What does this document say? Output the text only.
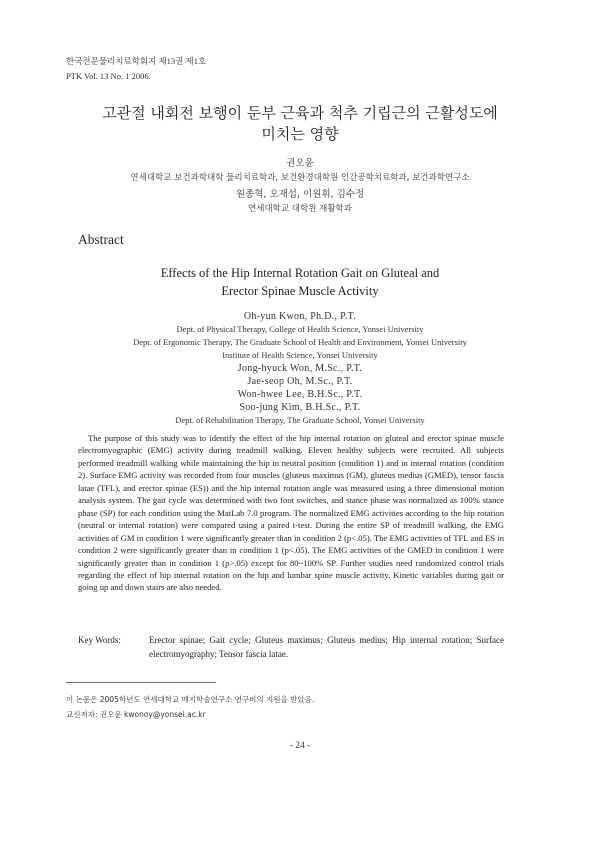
한국전문물리치료학회지 제13권 제1호
PTK Vol. 13 No. 1 2006.
고관절 내회전 보행이 둔부 근육과 척추 기립근의 근활성도에
미치는 영향
권오윤
연세대학교 보건과학대학 물리치료학과, 보건환경대학원 인간공학치료학과, 보건과학연구소
원종혁, 오재섭, 이원휘, 김수정
연세대학교 대학원 재활학과
Abstract
Effects of the Hip Internal Rotation Gait on Gluteal and
Erector Spinae Muscle Activity
Oh-yun Kwon, Ph.D., P.T.
Dept. of Physical Therapy, College of Health Science, Yonsei University
Dept. of Ergonomic Therapy, The Graduate School of Health and Environment, Yonsei University
Institute of Health Science, Yonsei University
Jong-hyuck Won, M.Sc., P.T.
Jae-seop Oh, M.Sc., P.T.
Won-hwee Lee, B.H.Sc., P.T.
Soo-jung Kim, B.H.Sc., P.T.
Dept. of Rehabilitation Therapy, The Graduate School, Yonsei University
The purpose of this study was to identify the effect of the hip internal rotation on gluteal and erector spinae muscle electromyographic (EMG) activity during treadmill walking. Eleven healthy subjects were recruited. All subjects performed treadmill walking while maintaining the hip in neutral position (condition 1) and in internal rotation (condition 2). Surface EMG activity was recorded from four muscles (gluteus maximus (GM), gluteus medius (GMED), tensor fascia latae (TFL), and erector spinae (ES)) and the hip internal rotation angle was measured using a three dimensional motion analysis system. The gait cycle was determined with two foot switches, and stance phase was normalized as 100% stance phase (SP) for each condition using the MatLab 7.0 program. The normalized EMG activities according to the hip rotation (neutral or internal rotation) were compared using a paired t-test. During the entire SP of treadmill walking, the EMG activities of GM in condition 1 were significantly greater than in condition 2 (p<.05). The EMG activities of TFL and ES in condition 2 were significantly greater than in condition 1 (p<.05). The EMG activities of the GMED in condition 1 were significantly greater than in condition 1 (p>.05) except for 80~100% SP. Further studies need randomized control trials regarding the effect of hip internal rotation on the hip and lumbar spine muscle activity. Kinetic variables during gait or going up and down stairs are also needed.
Key Words:	Erector spinae; Gait cycle; Gluteus maximus; Gluteus medius; Hip internal rotation; Surface electromyography; Tensor fascia latae.
이 논문은 2005학년도 연세대학교 매지학술연구소 연구비의 지원을 받았음.
교신저자: 권오윤 kwonoy@yonsei.ac.kr
- 24 -
